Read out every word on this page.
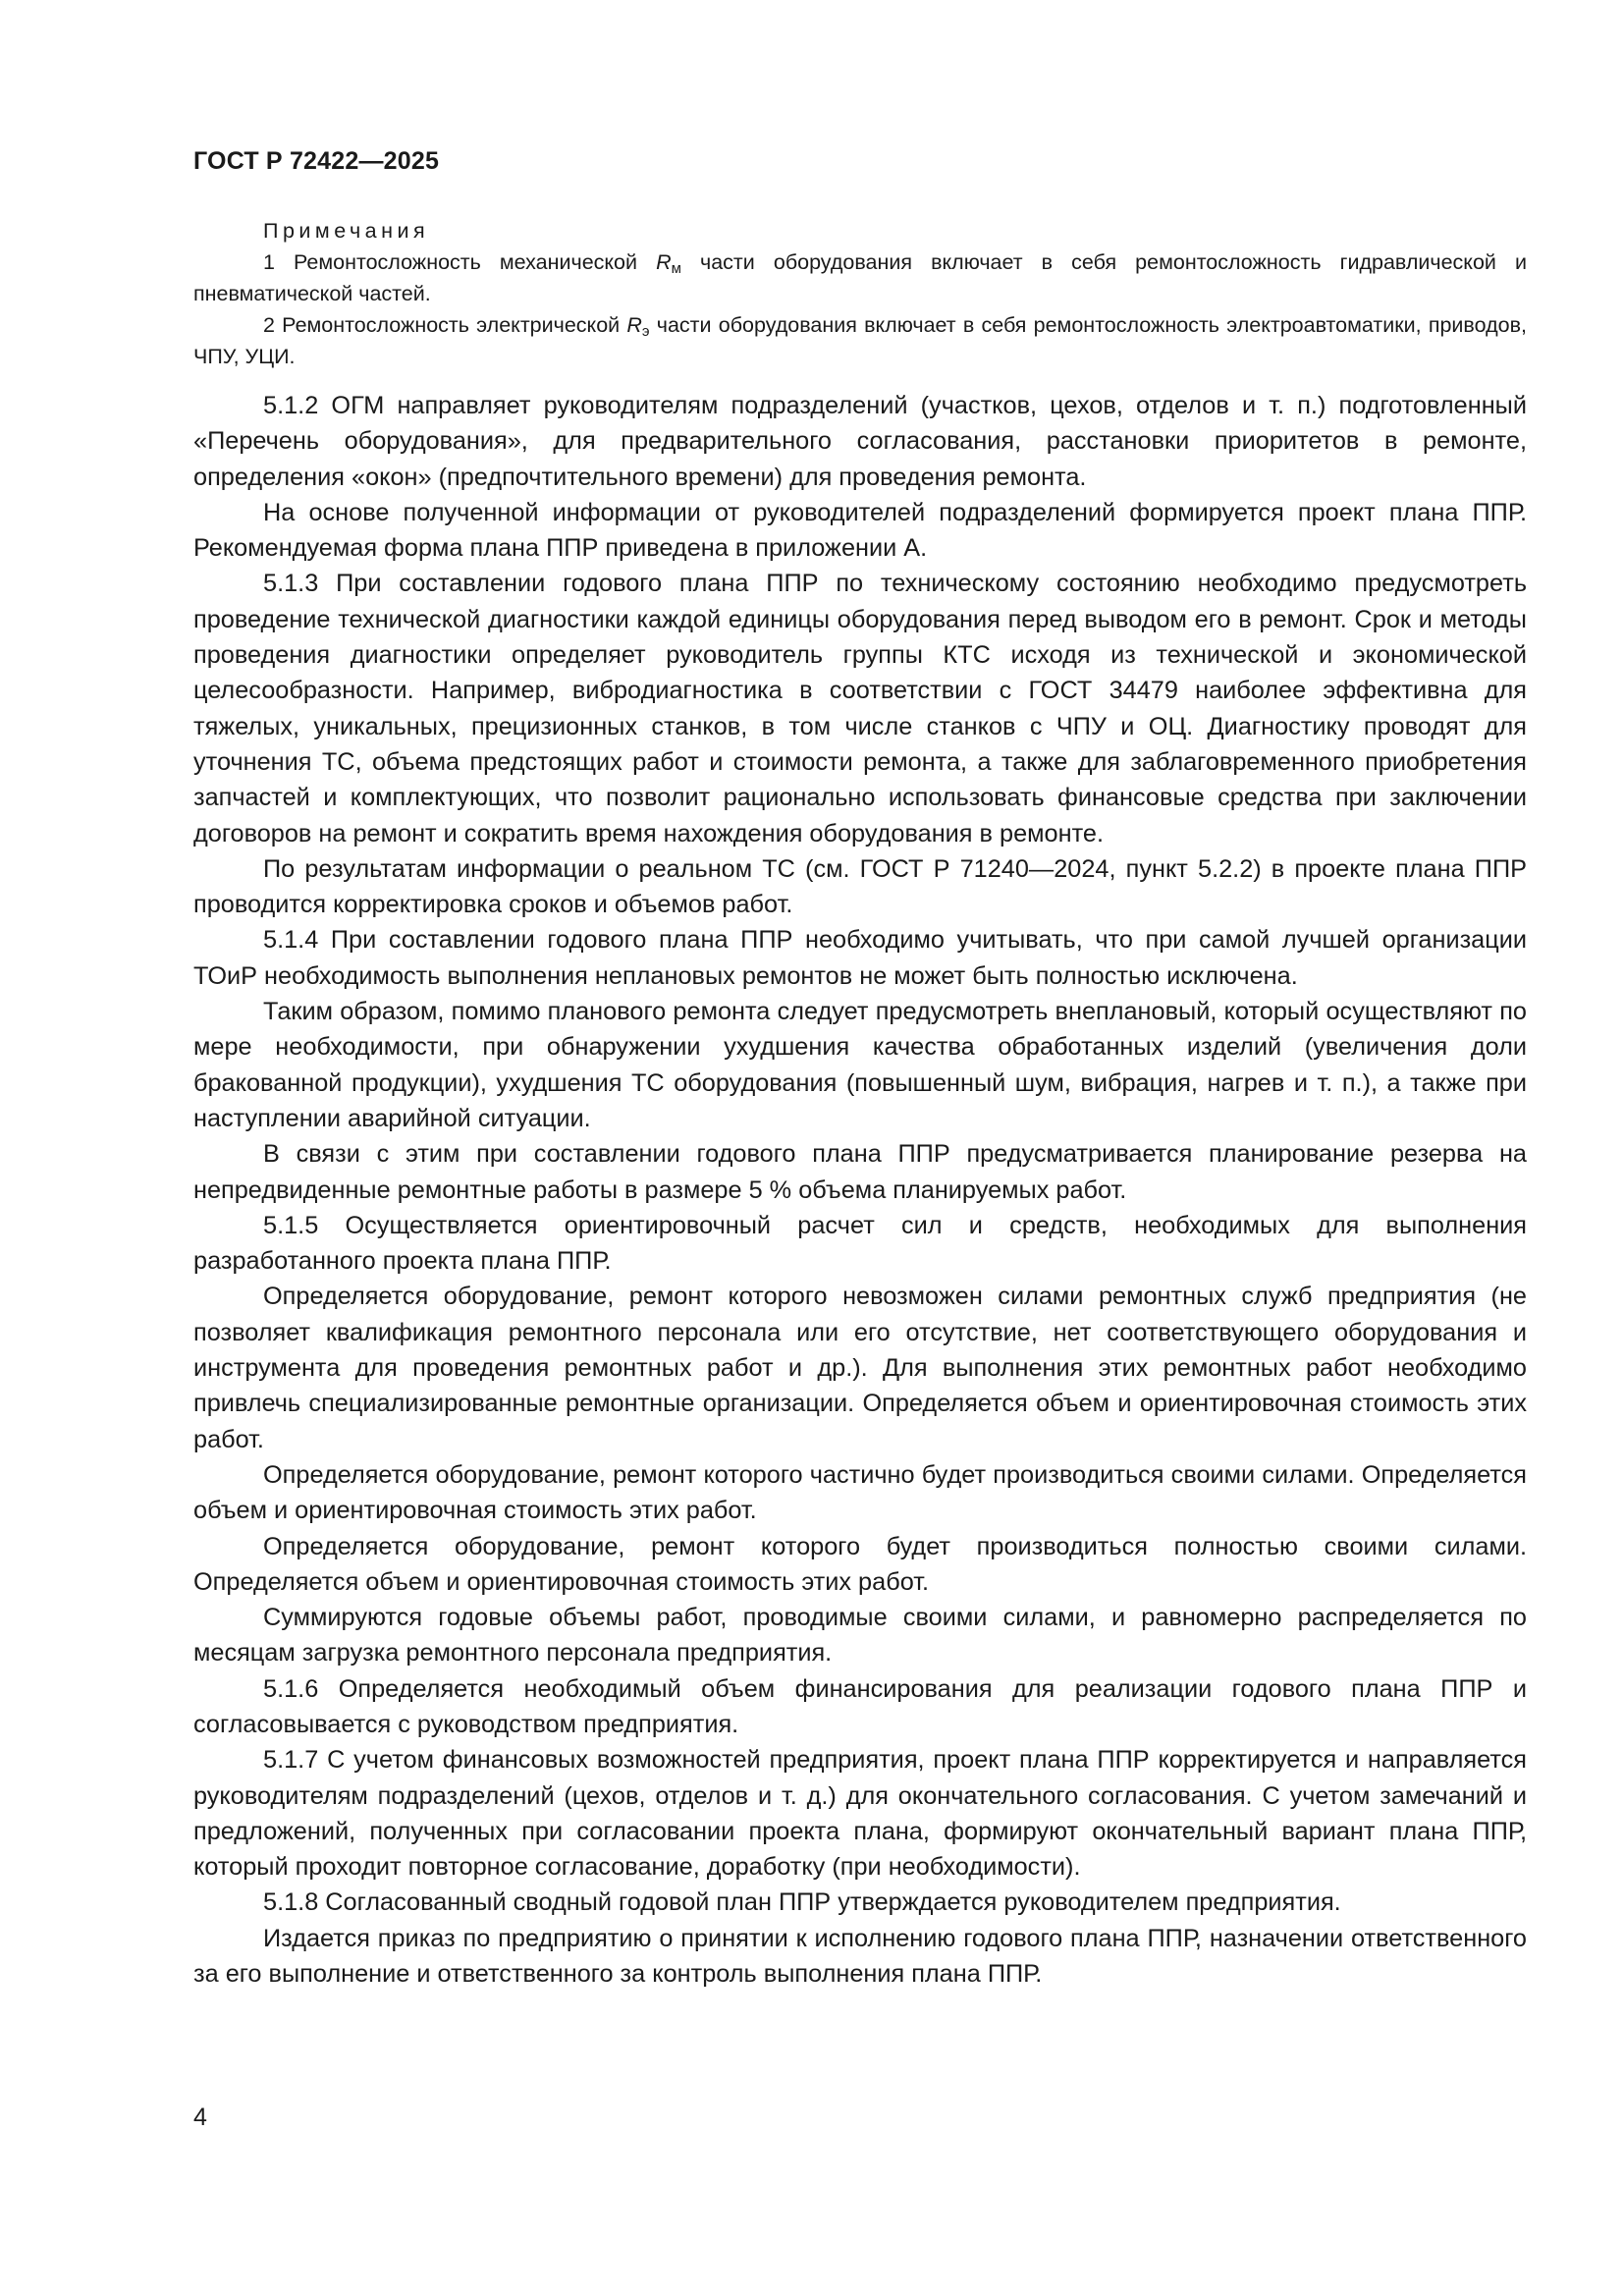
ГОСТ Р 72422—2025

Примечания

1 Ремонтосложность механической $R_м$ части оборудования включает в себя ремонтосложность гидравлической и пневматической частей.

2 Ремонтосложность электрической $R_э$ части оборудования включает в себя ремонтосложность электроавтоматики, приводов, ЧПУ, УЦИ.

5.1.2 ОГМ направляет руководителям подразделений (участков, цехов, отделов и т. п.) подготовленный «Перечень оборудования», для предварительного согласования, расстановки приоритетов в ремонте, определения «окон» (предпочтительного времени) для проведения ремонта.

На основе полученной информации от руководителей подразделений формируется проект плана ППР. Рекомендуемая форма плана ППР приведена в приложении А.

5.1.3 При составлении годового плана ППР по техническому состоянию необходимо предусмотреть проведение технической диагностики каждой единицы оборудования перед выводом его в ремонт. Срок и методы проведения диагностики определяет руководитель группы КТС исходя из технической и экономической целесообразности. Например, вибродиагностика в соответствии с ГОСТ 34479 наиболее эффективна для тяжелых, уникальных, прецизионных станков, в том числе станков с ЧПУ и ОЦ. Диагностику проводят для уточнения ТС, объема предстоящих работ и стоимости ремонта, а также для заблаговременного приобретения запчастей и комплектующих, что позволит рационально использовать финансовые средства при заключении договоров на ремонт и сократить время нахождения оборудования в ремонте.

По результатам информации о реальном ТС (см. ГОСТ Р 71240—2024, пункт 5.2.2) в проекте плана ППР проводится корректировка сроков и объемов работ.

5.1.4 При составлении годового плана ППР необходимо учитывать, что при самой лучшей организации ТОиР необходимость выполнения неплановых ремонтов не может быть полностью исключена.

Таким образом, помимо планового ремонта следует предусмотреть внеплановый, который осуществляют по мере необходимости, при обнаружении ухудшения качества обработанных изделий (увеличения доли бракованной продукции), ухудшения ТС оборудования (повышенный шум, вибрация, нагрев и т. п.), а также при наступлении аварийной ситуации.

В связи с этим при составлении годового плана ППР предусматривается планирование резерва на непредвиденные ремонтные работы в размере 5 % объема планируемых работ.

5.1.5 Осуществляется ориентировочный расчет сил и средств, необходимых для выполнения разработанного проекта плана ППР.

Определяется оборудование, ремонт которого невозможен силами ремонтных служб предприятия (не позволяет квалификация ремонтного персонала или его отсутствие, нет соответствующего оборудования и инструмента для проведения ремонтных работ и др.). Для выполнения этих ремонтных работ необходимо привлечь специализированные ремонтные организации. Определяется объем и ориентировочная стоимость этих работ.

Определяется оборудование, ремонт которого частично будет производиться своими силами. Определяется объем и ориентировочная стоимость этих работ.

Определяется оборудование, ремонт которого будет производиться полностью своими силами. Определяется объем и ориентировочная стоимость этих работ.

Суммируются годовые объемы работ, проводимые своими силами, и равномерно распределяется по месяцам загрузка ремонтного персонала предприятия.

5.1.6 Определяется необходимый объем финансирования для реализации годового плана ППР и согласовывается с руководством предприятия.

5.1.7 С учетом финансовых возможностей предприятия, проект плана ППР корректируется и направляется руководителям подразделений (цехов, отделов и т. д.) для окончательного согласования. С учетом замечаний и предложений, полученных при согласовании проекта плана, формируют окончательный вариант плана ППР, который проходит повторное согласование, доработку (при необходимости).

5.1.8 Согласованный сводный годовой план ППР утверждается руководителем предприятия.

Издается приказ по предприятию о принятии к исполнению годового плана ППР, назначении ответственного за его выполнение и ответственного за контроль выполнения плана ППР.

4
